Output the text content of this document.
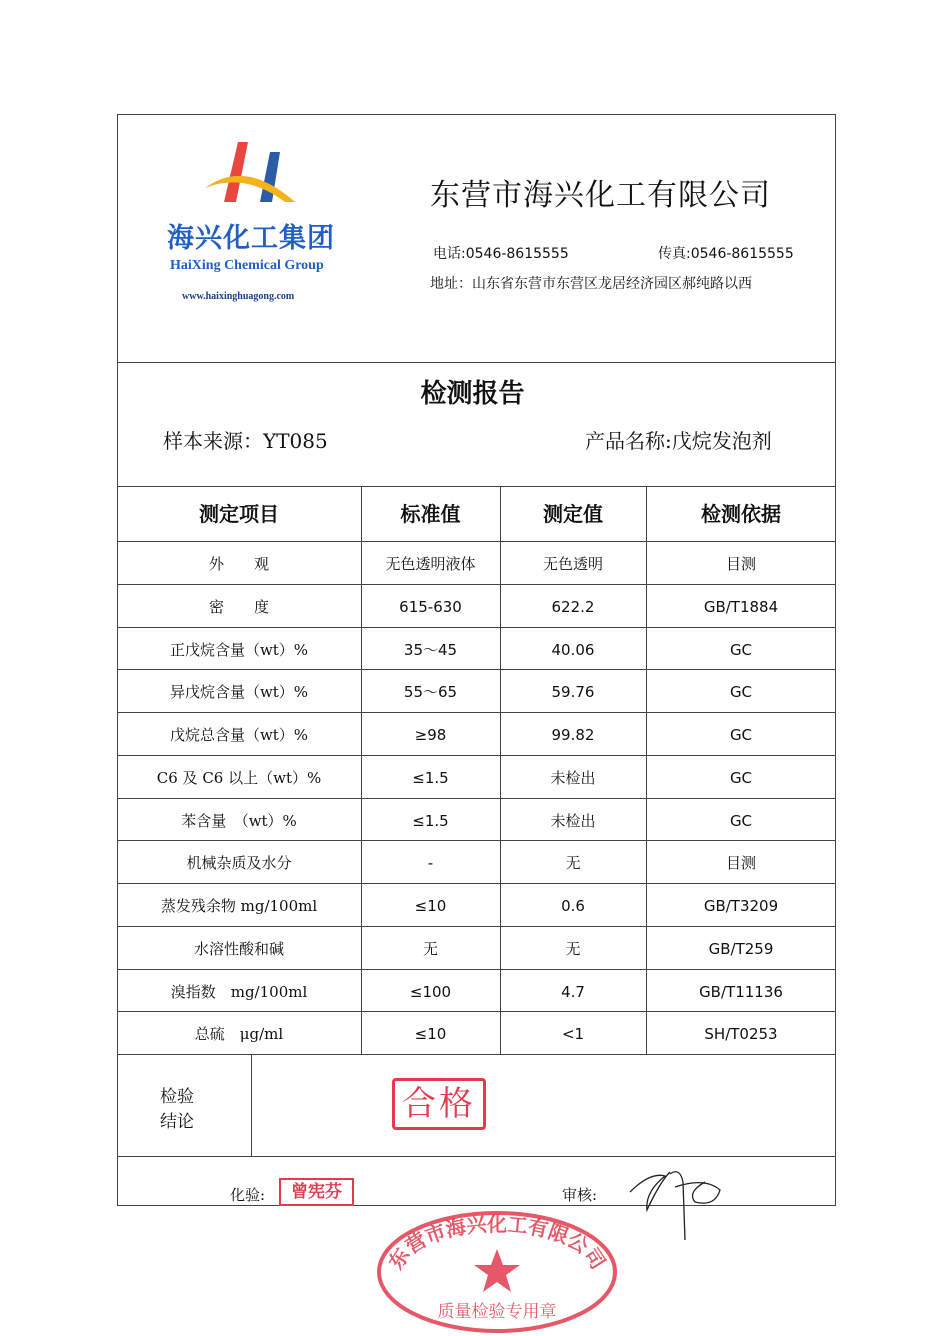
海兴化工集团
HaiXing Chemical Group
www.haixinghuagong.com
东营市海兴化工有限公司
电话:0546-8615555	传真:0546-8615555
地址：山东省东营市东营区龙居经济园区郝纯路以西
检测报告
样本来源：YT085	产品名称:戊烷发泡剂
测定项目	标准值	测定值	检测依据
外　　观	无色透明液体	无色透明	目测
密　　度	615-630	622.2	GB/T1884
正戊烷含量（wt）%	35～45	40.06	GC
异戊烷含量（wt）%	55～65	59.76	GC
戊烷总含量（wt）%	≥98	99.82	GC
C6 及 C6 以上（wt）%	≤1.5	未检出	GC
苯含量　（wt）%	≤1.5	未检出	GC
机械杂质及水分	-	无	目测
蒸发残余物 mg/100ml	≤10	0.6	GB/T3209
水溶性酸和碱	无	无	GB/T259
溴指数　mg/100ml	≤100	4.7	GB/T11136
总硫　μg/ml	≤10	<1	SH/T0253
检验
结论	合格
化验:	曾宪芬	审核:
东营市海兴化工有限公司
质量检验专用章
